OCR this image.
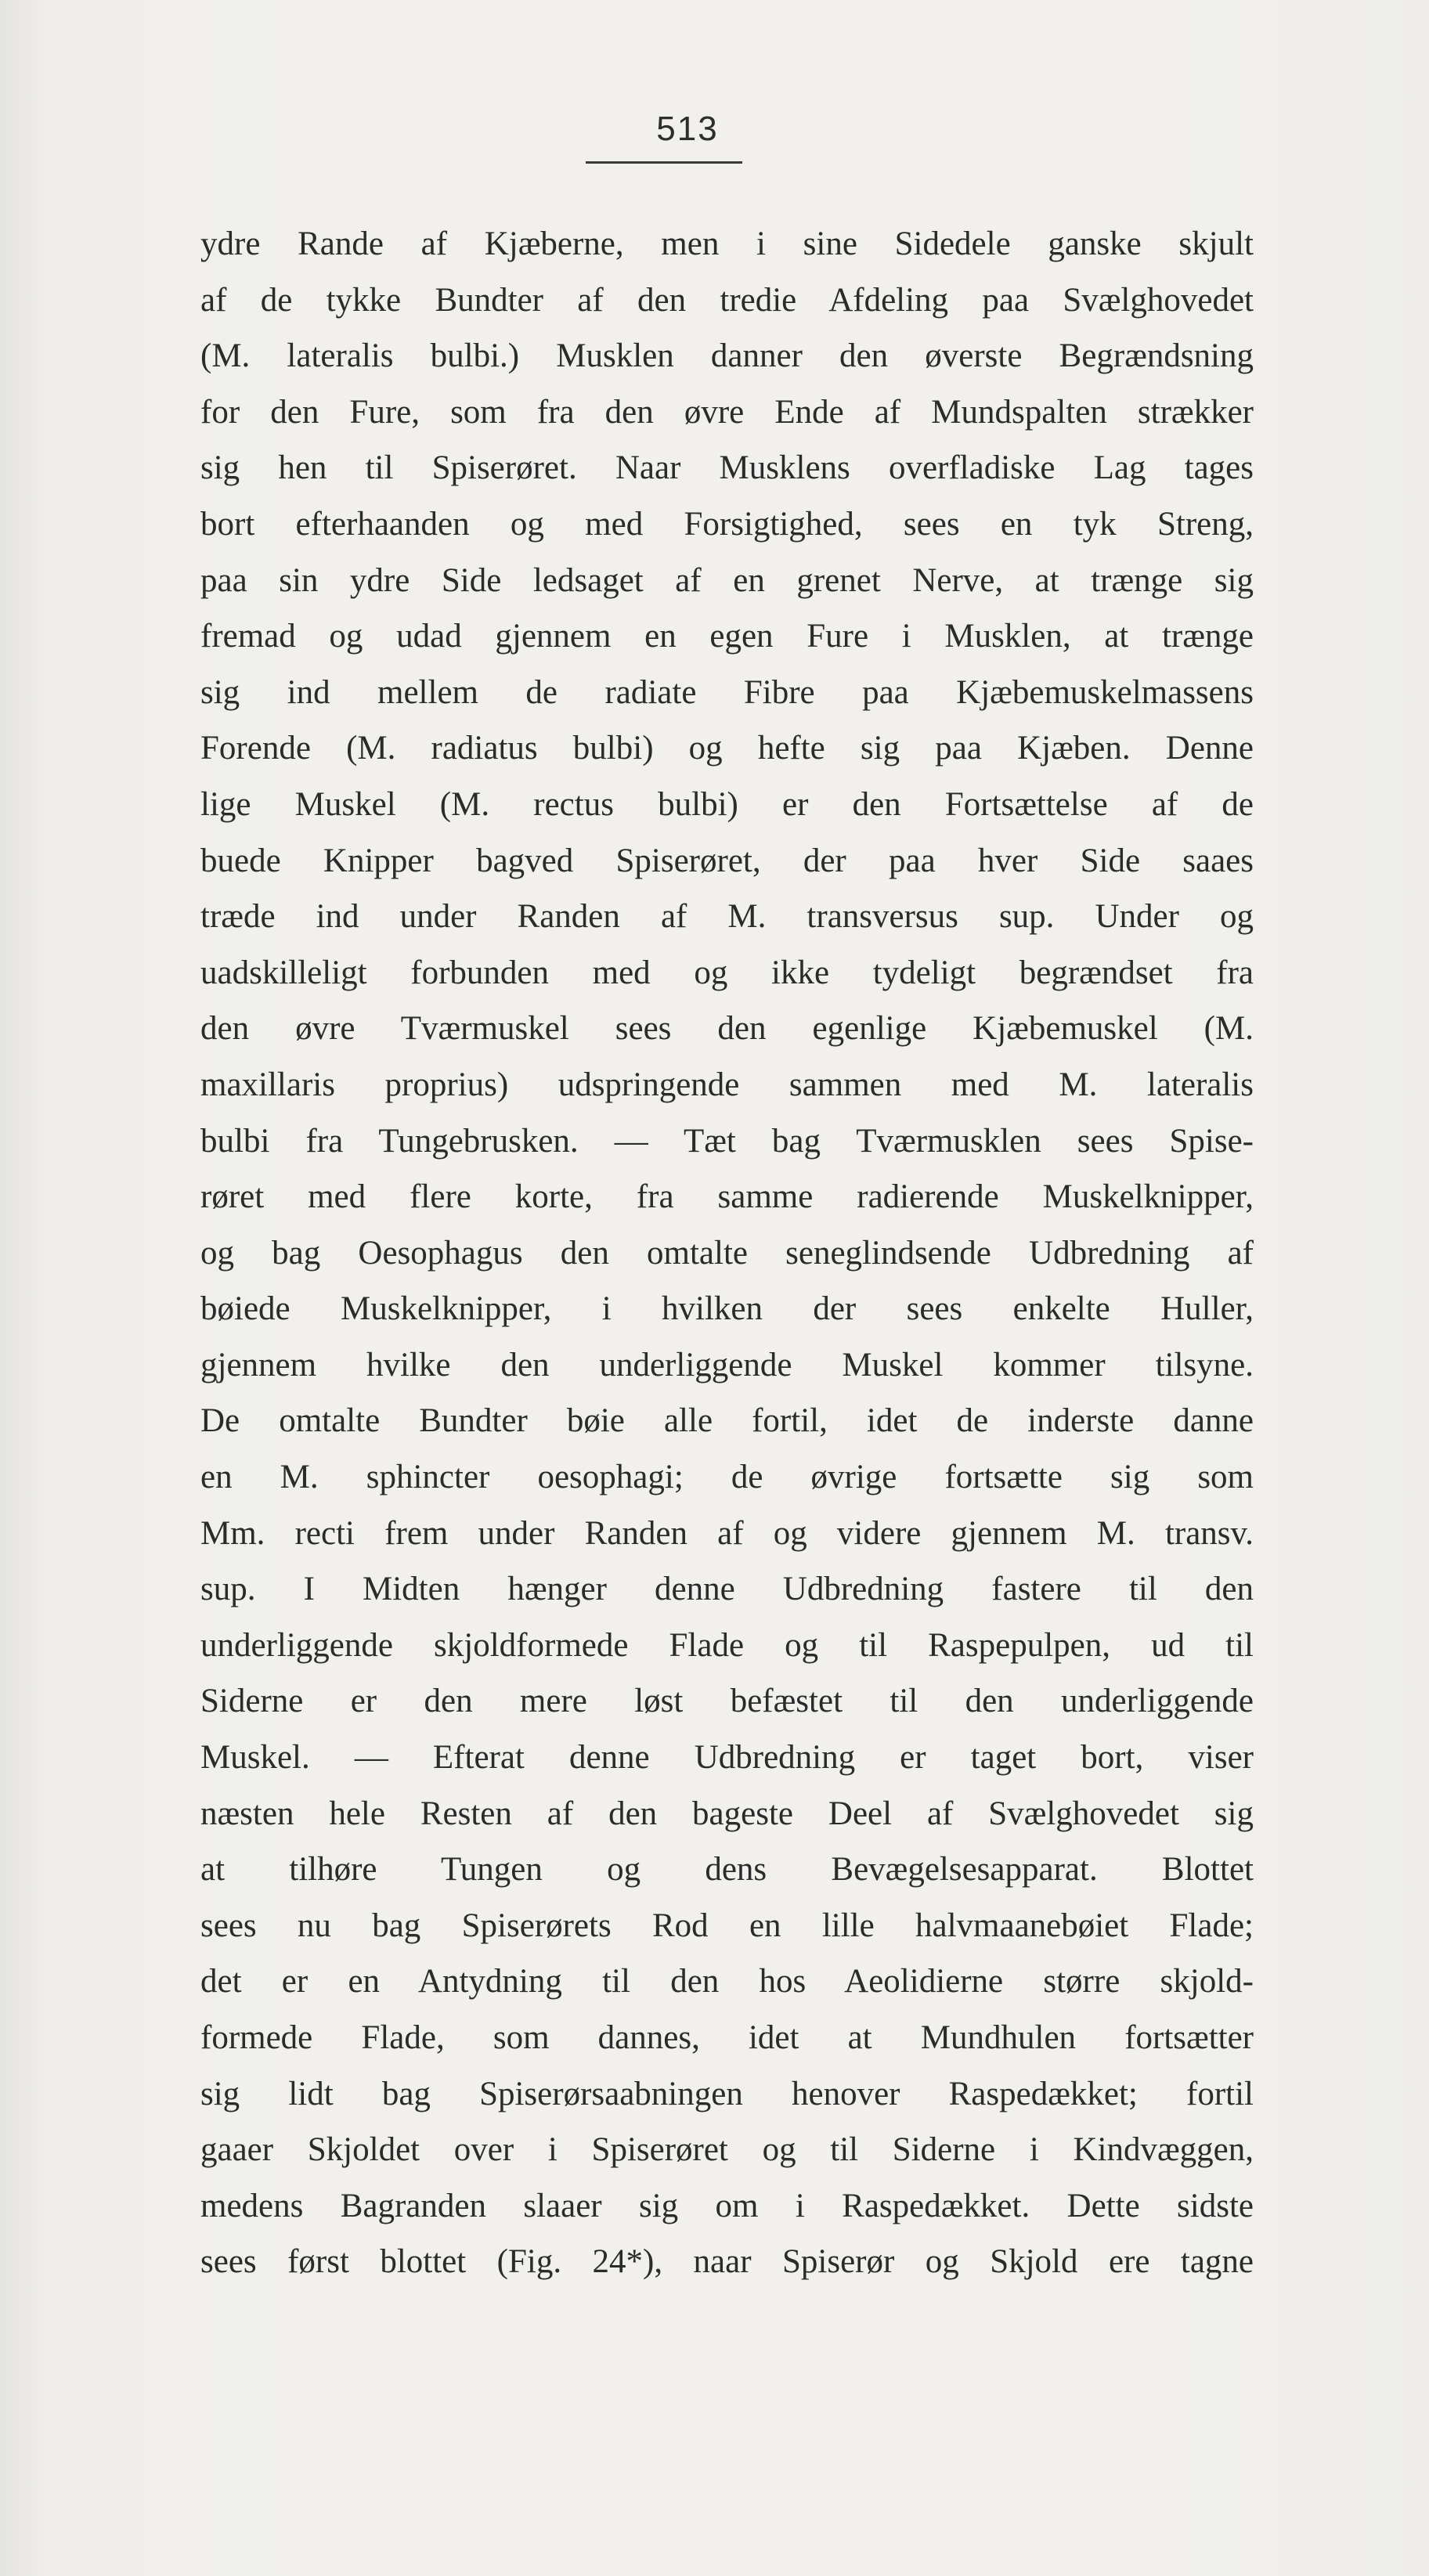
513
ydre Rande af Kjæberne, men i sine Sidedele ganske skjult
af de tykke Bundter af den tredie Afdeling paa Svælghovedet
(M. lateralis bulbi.) Musklen danner den øverste Begrændsning
for den Fure, som fra den øvre Ende af Mundspalten strækker
sig hen til Spiserøret. Naar Musklens overfladiske Lag tages
bort efterhaanden og med Forsigtighed, sees en tyk Streng,
paa sin ydre Side ledsaget af en grenet Nerve, at trænge sig
fremad og udad gjennem en egen Fure i Musklen, at trænge
sig ind mellem de radiate Fibre paa Kjæbemuskelmassens
Forende (M. radiatus bulbi) og hefte sig paa Kjæben. Denne
lige Muskel (M. rectus bulbi) er den Fortsættelse af de
buede Knipper bagved Spiserøret, der paa hver Side saaes
træde ind under Randen af M. transversus sup. Under og
uadskilleligt forbunden med og ikke tydeligt begrændset fra
den øvre Tværmuskel sees den egenlige Kjæbemuskel (M.
maxillaris proprius) udspringende sammen med M. lateralis
bulbi fra Tungebrusken. — Tæt bag Tværmusklen sees Spise-
røret med flere korte, fra samme radierende Muskelknipper,
og bag Oesophagus den omtalte seneglindsende Udbredning af
bøiede Muskelknipper, i hvilken der sees enkelte Huller,
gjennem hvilke den underliggende Muskel kommer tilsyne.
De omtalte Bundter bøie alle fortil, idet de inderste danne
en M. sphincter oesophagi; de øvrige fortsætte sig som
Mm. recti frem under Randen af og videre gjennem M. transv.
sup. I Midten hænger denne Udbredning fastere til den
underliggende skjoldformede Flade og til Raspepulpen, ud til
Siderne er den mere løst befæstet til den underliggende
Muskel. — Efterat denne Udbredning er taget bort, viser
næsten hele Resten af den bageste Deel af Svælghovedet sig
at tilhøre Tungen og dens Bevægelsesapparat. Blottet
sees nu bag Spiserørets Rod en lille halvmaanebøiet Flade;
det er en Antydning til den hos Aeolidierne større skjold-
formede Flade, som dannes, idet at Mundhulen fortsætter
sig lidt bag Spiserørsaabningen henover Raspedækket; fortil
gaaer Skjoldet over i Spiserøret og til Siderne i Kindvæggen,
medens Bagranden slaaer sig om i Raspedækket. Dette sidste
sees først blottet (Fig. 24*), naar Spiserør og Skjold ere tagne
